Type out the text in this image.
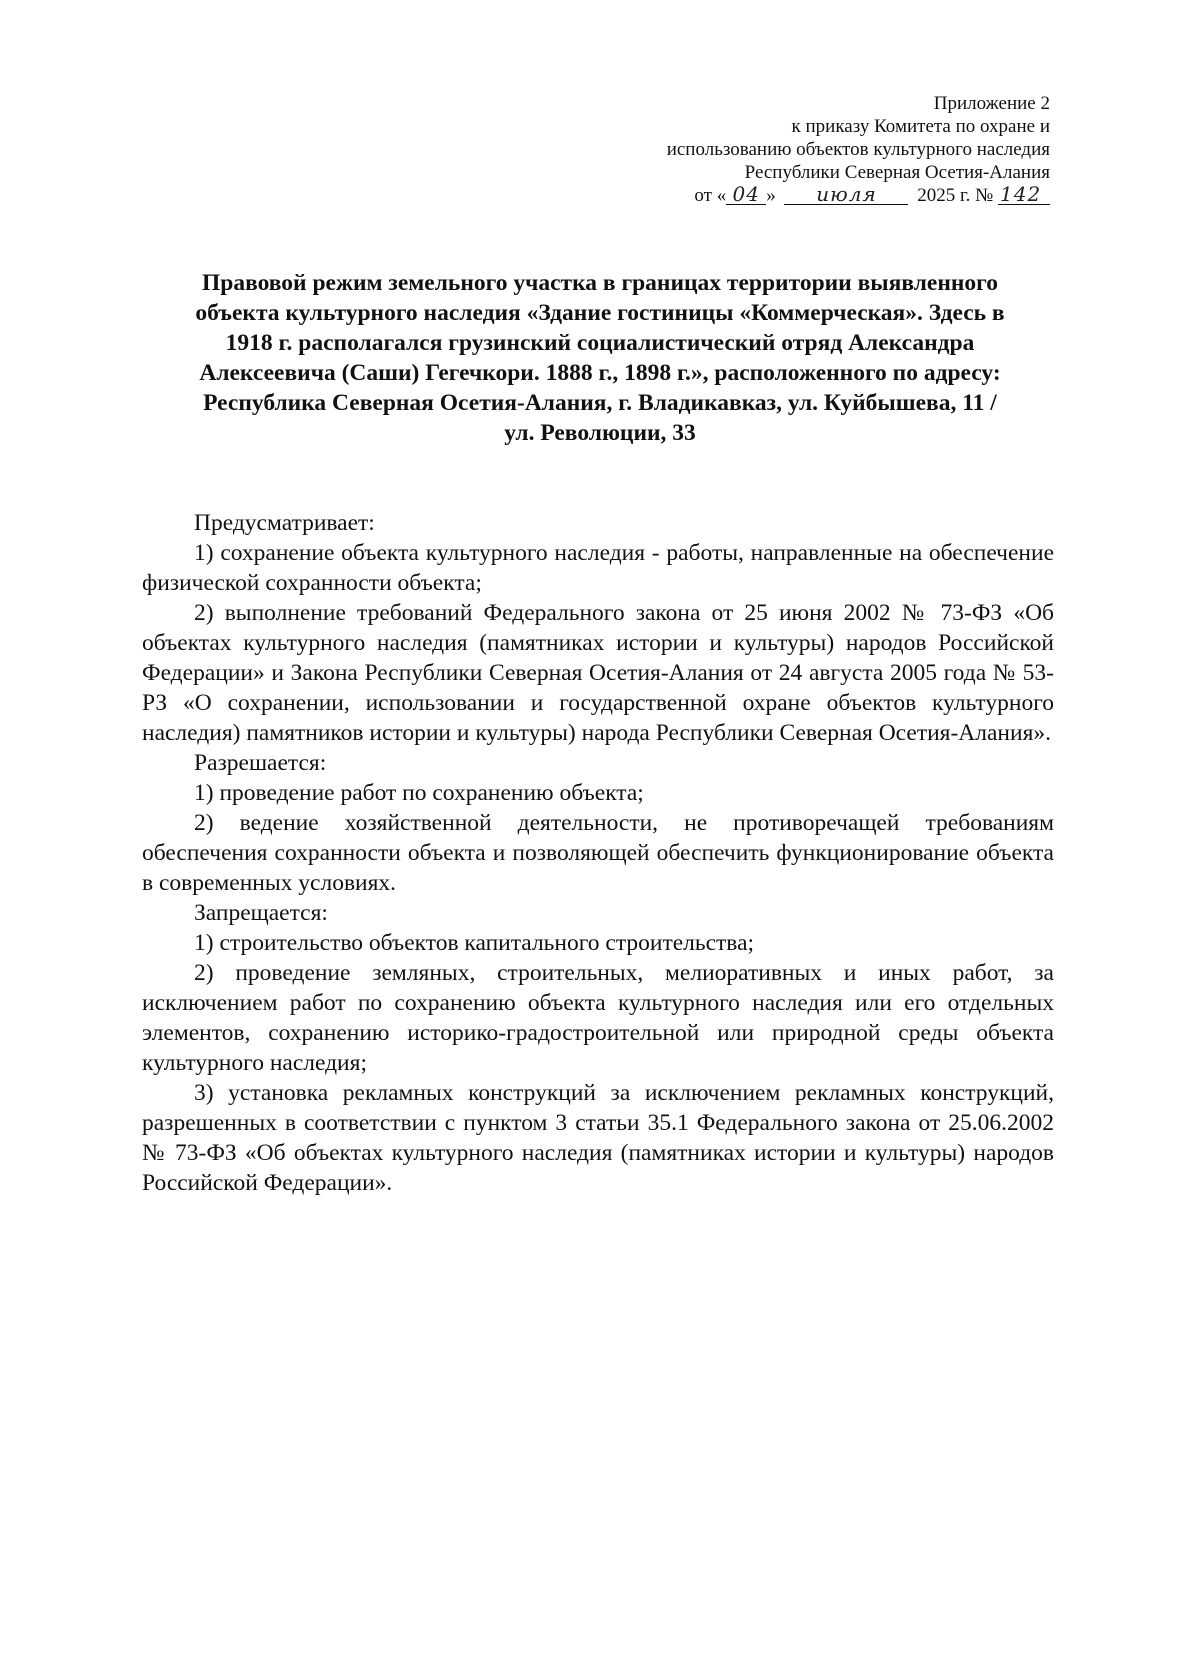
Приложение 2
к приказу Комитета по охране и
использованию объектов культурного наследия
Республики Северная Осетия-Алания
от « 04 » июля 2025 г. № 142
Правовой режим земельного участка в границах территории выявленного
объекта культурного наследия «Здание гостиницы «Коммерческая». Здесь в
1918 г. располагался грузинский социалистический отряд Александра
Алексеевича (Саши) Гегечкори. 1888 г., 1898 г.», расположенного по адресу:
Республика Северная Осетия-Алания, г. Владикавказ, ул. Куйбышева, 11 /
ул. Революции, 33

Предусматривает:

1) сохранение объекта культурного наследия - работы, направленные на обеспечение физической сохранности объекта;

2) выполнение требований Федерального закона от 25 июня 2002 № 73-ФЗ «Об объектах культурного наследия (памятниках истории и культуры) народов Российской Федерации» и Закона Республики Северная Осетия-Алания от 24 августа 2005 года № 53-РЗ «О сохранении, использовании и государственной охране объектов культурного наследия) памятников истории и культуры) народа Республики Северная Осетия-Алания».

Разрешается:

1) проведение работ по сохранению объекта;

2) ведение хозяйственной деятельности, не противоречащей требованиям обеспечения сохранности объекта и позволяющей обеспечить функционирование объекта в современных условиях.

Запрещается:

1) строительство объектов капитального строительства;

2) проведение земляных, строительных, мелиоративных и иных работ, за исключением работ по сохранению объекта культурного наследия или его отдельных элементов, сохранению историко-градостроительной или природной среды объекта культурного наследия;

3) установка рекламных конструкций за исключением рекламных конструкций, разрешенных в соответствии с пунктом 3 статьи 35.1 Федерального закона от 25.06.2002 № 73-ФЗ «Об объектах культурного наследия (памятниках истории и культуры) народов Российской Федерации».
